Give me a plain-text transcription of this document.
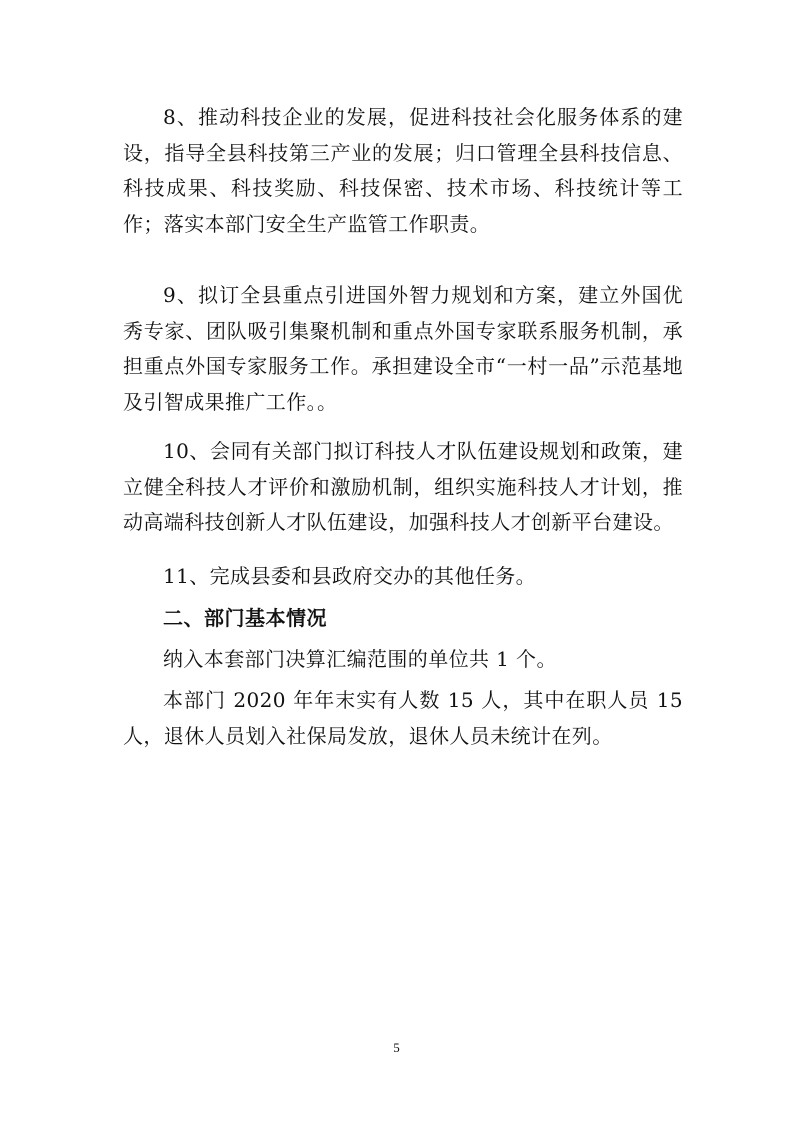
8、推动科技企业的发展，促进科技社会化服务体系的建设，指导全县科技第三产业的发展；归口管理全县科技信息、科技成果、科技奖励、科技保密、技术市场、科技统计等工作；落实本部门安全生产监管工作职责。

9、拟订全县重点引进国外智力规划和方案，建立外国优秀专家、团队吸引集聚机制和重点外国专家联系服务机制，承担重点外国专家服务工作。承担建设全市“一村一品”示范基地及引智成果推广工作。。

10、会同有关部门拟订科技人才队伍建设规划和政策，建立健全科技人才评价和激励机制，组织实施科技人才计划，推动高端科技创新人才队伍建设，加强科技人才创新平台建设。

11、完成县委和县政府交办的其他任务。

二、部门基本情况

纳入本套部门决算汇编范围的单位共 1 个。

本部门 2020 年年末实有人数 15 人，其中在职人员 15 人，退休人员划入社保局发放，退休人员未统计在列。

5
